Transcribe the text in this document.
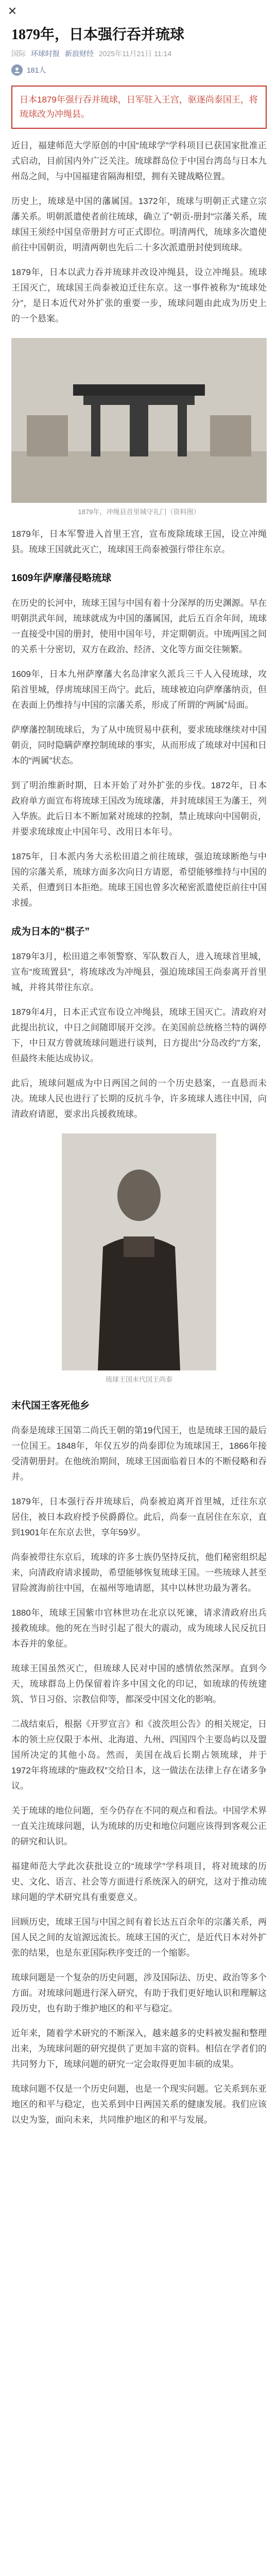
✕
1879年，日本强行吞并琉球
国际 环球时报 新浪财经 2025年11月21日 11:14
181人
日本1879年强行吞并琉球，日军驻入王宫，驱逐尚泰国王，将琉球改为冲绳县。

近日，福建师范大学原创的中国“琉球学”学科项目已获国家批准正式启动，目前国内外广泛关注。琉球群岛位于中国台湾岛与日本九州岛之间，与中国福建省隔海相望，拥有关键战略位置。

历史上，琉球是中国的藩属国。1372年，琉球与明朝正式建立宗藩关系。明朝派遣使者前往琉球，确立了“朝贡-册封”宗藩关系，琉球国王须经中国皇帝册封方可正式即位。明清两代，琉球多次遣使前往中国朝贡，明清两朝也先后二十多次派遣册封使到琉球。

1879年，日本以武力吞并琉球并改设冲绳县，设立冲绳县。琉球王国灭亡，琉球国王尚泰被迫迁往东京。这一事件被称为“琉球处分”，是日本近代对外扩张的重要一步，琉球问题由此成为历史上的一个悬案。

1879年，冲绳县首里城守礼门（资料图）

1879年，日本军警进入首里王宫，宣布废除琉球王国，设立冲绳县。琉球王国就此灭亡，琉球国王尚泰被强行带往东京。

1609年萨摩藩侵略琉球

在历史的长河中，琉球王国与中国有着十分深厚的历史渊源。早在明朝洪武年间，琉球就成为中国的藩属国，此后五百余年间，琉球一直接受中国的册封，使用中国年号，并定期朝贡。中琉两国之间的关系十分密切，双方在政治、经济、文化等方面交往频繁。

1609年，日本九州萨摩藩大名岛津家久派兵三千人入侵琉球，攻陷首里城，俘虏琉球国王尚宁。此后，琉球被迫向萨摩藩纳贡，但在表面上仍维持与中国的宗藩关系，形成了所谓的“两属”局面。

萨摩藩控制琉球后，为了从中琉贸易中获利，要求琉球继续对中国朝贡，同时隐瞒萨摩控制琉球的事实，从而形成了琉球对中国和日本的“两属”状态。

到了明治维新时期，日本开始了对外扩张的步伐。1872年，日本政府单方面宣布将琉球王国改为琉球藩，并封琉球国王为藩王，列入华族。此后日本不断加紧对琉球的控制，禁止琉球向中国朝贡，并要求琉球废止中国年号、改用日本年号。

1875年，日本派内务大丞松田道之前往琉球，强迫琉球断绝与中国的宗藩关系，琉球方面多次向日方请愿，希望能够维持与中国的关系，但遭到日本拒绝。琉球王国也曾多次秘密派遣使臣前往中国求援。

成为日本的“棋子”

1879年3月，松田道之率领警察、军队数百人，进入琉球首里城，宣布“废琉置县”，将琉球改为冲绳县，强迫琉球国王尚泰离开首里城，并将其带往东京。

1879年4月，日本正式宣布设立冲绳县，琉球王国灭亡。清政府对此提出抗议，中日之间随即展开交涉。在美国前总统格兰特的调停下，中日双方曾就琉球问题进行谈判，日方提出“分岛改约”方案，但最终未能达成协议。

此后，琉球问题成为中日两国之间的一个历史悬案，一直悬而未决。琉球人民也进行了长期的反抗斗争，许多琉球人逃往中国，向清政府请愿，要求出兵援救琉球。

琉球王国末代国王尚泰
末代国王客死他乡

尚泰是琉球王国第二尚氏王朝的第19代国王，也是琉球王国的最后一位国王。1848年，年仅五岁的尚泰即位为琉球国王，1866年接受清朝册封。在他统治期间，琉球王国面临着日本的不断侵略和吞并。

1879年，日本强行吞并琉球后，尚泰被迫离开首里城，迁往东京居住，被日本政府授予侯爵爵位。此后，尚泰一直居住在东京，直到1901年在东京去世，享年59岁。

尚泰被带往东京后，琉球的许多士族仍坚持反抗，他们秘密组织起来，向清政府请求援助，希望能够恢复琉球王国。一些琉球人甚至冒险渡海前往中国，在福州等地请愿，其中以林世功最为著名。

1880年，琉球王国紫巾官林世功在北京以死谏，请求清政府出兵援救琉球。他的死在当时引起了很大的震动，成为琉球人民反抗日本吞并的象征。

琉球王国虽然灭亡，但琉球人民对中国的感情依然深厚。直到今天，琉球群岛上仍保留着许多中国文化的印记，如琉球的传统建筑、节日习俗、宗教信仰等，都深受中国文化的影响。

二战结束后，根据《开罗宣言》和《波茨坦公告》的相关规定，日本的领土应仅限于本州、北海道、九州、四国四个主要岛屿以及盟国所决定的其他小岛。然而，美国在战后长期占领琉球，并于1972年将琉球的“施政权”交给日本，这一做法在法律上存在诸多争议。

关于琉球的地位问题，至今仍存在不同的观点和看法。中国学术界一直关注琉球问题，认为琉球的历史和地位问题应该得到客观公正的研究和认识。

福建师范大学此次获批设立的“琉球学”学科项目，将对琉球的历史、文化、语言、社会等方面进行系统深入的研究，这对于推动琉球问题的学术研究具有重要意义。

回顾历史，琉球王国与中国之间有着长达五百余年的宗藩关系，两国人民之间的友谊源远流长。琉球王国的灭亡，是近代日本对外扩张的结果，也是东亚国际秩序变迁的一个缩影。

琉球问题是一个复杂的历史问题，涉及国际法、历史、政治等多个方面。对琉球问题进行深入研究，有助于我们更好地认识和理解这段历史，也有助于维护地区的和平与稳定。

近年来，随着学术研究的不断深入，越来越多的史料被发掘和整理出来，为琉球问题的研究提供了更加丰富的资料。相信在学者们的共同努力下，琉球问题的研究一定会取得更加丰硕的成果。

琉球问题不仅是一个历史问题，也是一个现实问题。它关系到东亚地区的和平与稳定，也关系到中日两国关系的健康发展。我们应该以史为鉴，面向未来，共同维护地区的和平与发展。
